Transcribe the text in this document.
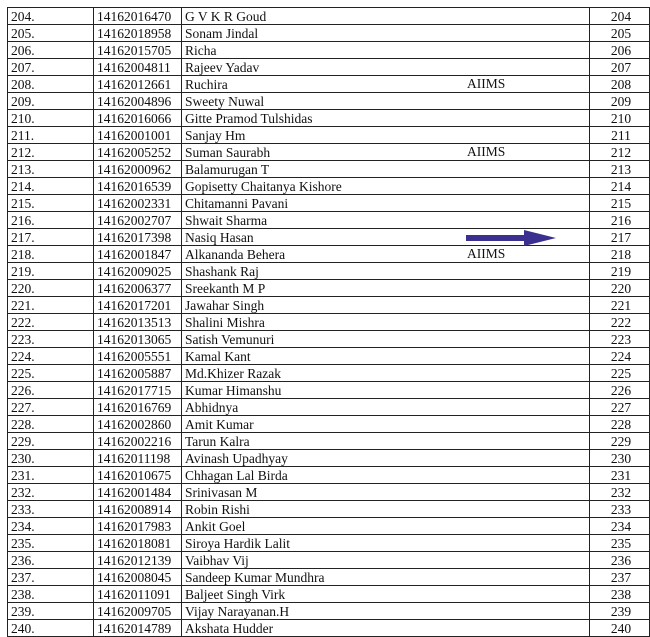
204.	14162016470	G V K R Goud	204
205.	14162018958	Sonam Jindal	205
206.	14162015705	Richa	206
207.	14162004811	Rajeev Yadav	207
208.	14162012661	Ruchira AIIMS	208
209.	14162004896	Sweety Nuwal	209
210.	14162016066	Gitte Pramod Tulshidas	210
211.	14162001001	Sanjay Hm	211
212.	14162005252	Suman Saurabh AIIMS	212
213.	14162000962	Balamurugan T	213
214.	14162016539	Gopisetty Chaitanya Kishore	214
215.	14162002331	Chitamanni Pavani	215
216.	14162002707	Shwait Sharma	216
217.	14162017398	Nasiq Hasan	217
218.	14162001847	Alkananda Behera AIIMS	218
219.	14162009025	Shashank Raj	219
220.	14162006377	Sreekanth M P	220
221.	14162017201	Jawahar Singh	221
222.	14162013513	Shalini Mishra	222
223.	14162013065	Satish Vemunuri	223
224.	14162005551	Kamal Kant	224
225.	14162005887	Md.Khizer Razak	225
226.	14162017715	Kumar Himanshu	226
227.	14162016769	Abhidnya	227
228.	14162002860	Amit Kumar	228
229.	14162002216	Tarun Kalra	229
230.	14162011198	Avinash Upadhyay	230
231.	14162010675	Chhagan Lal Birda	231
232.	14162001484	Srinivasan M	232
233.	14162008914	Robin Rishi	233
234.	14162017983	Ankit Goel	234
235.	14162018081	Siroya Hardik Lalit	235
236.	14162012139	Vaibhav Vij	236
237.	14162008045	Sandeep Kumar Mundhra	237
238.	14162011091	Baljeet Singh Virk	238
239.	14162009705	Vijay Narayanan.H	239
240.	14162014789	Akshata Hudder	240
